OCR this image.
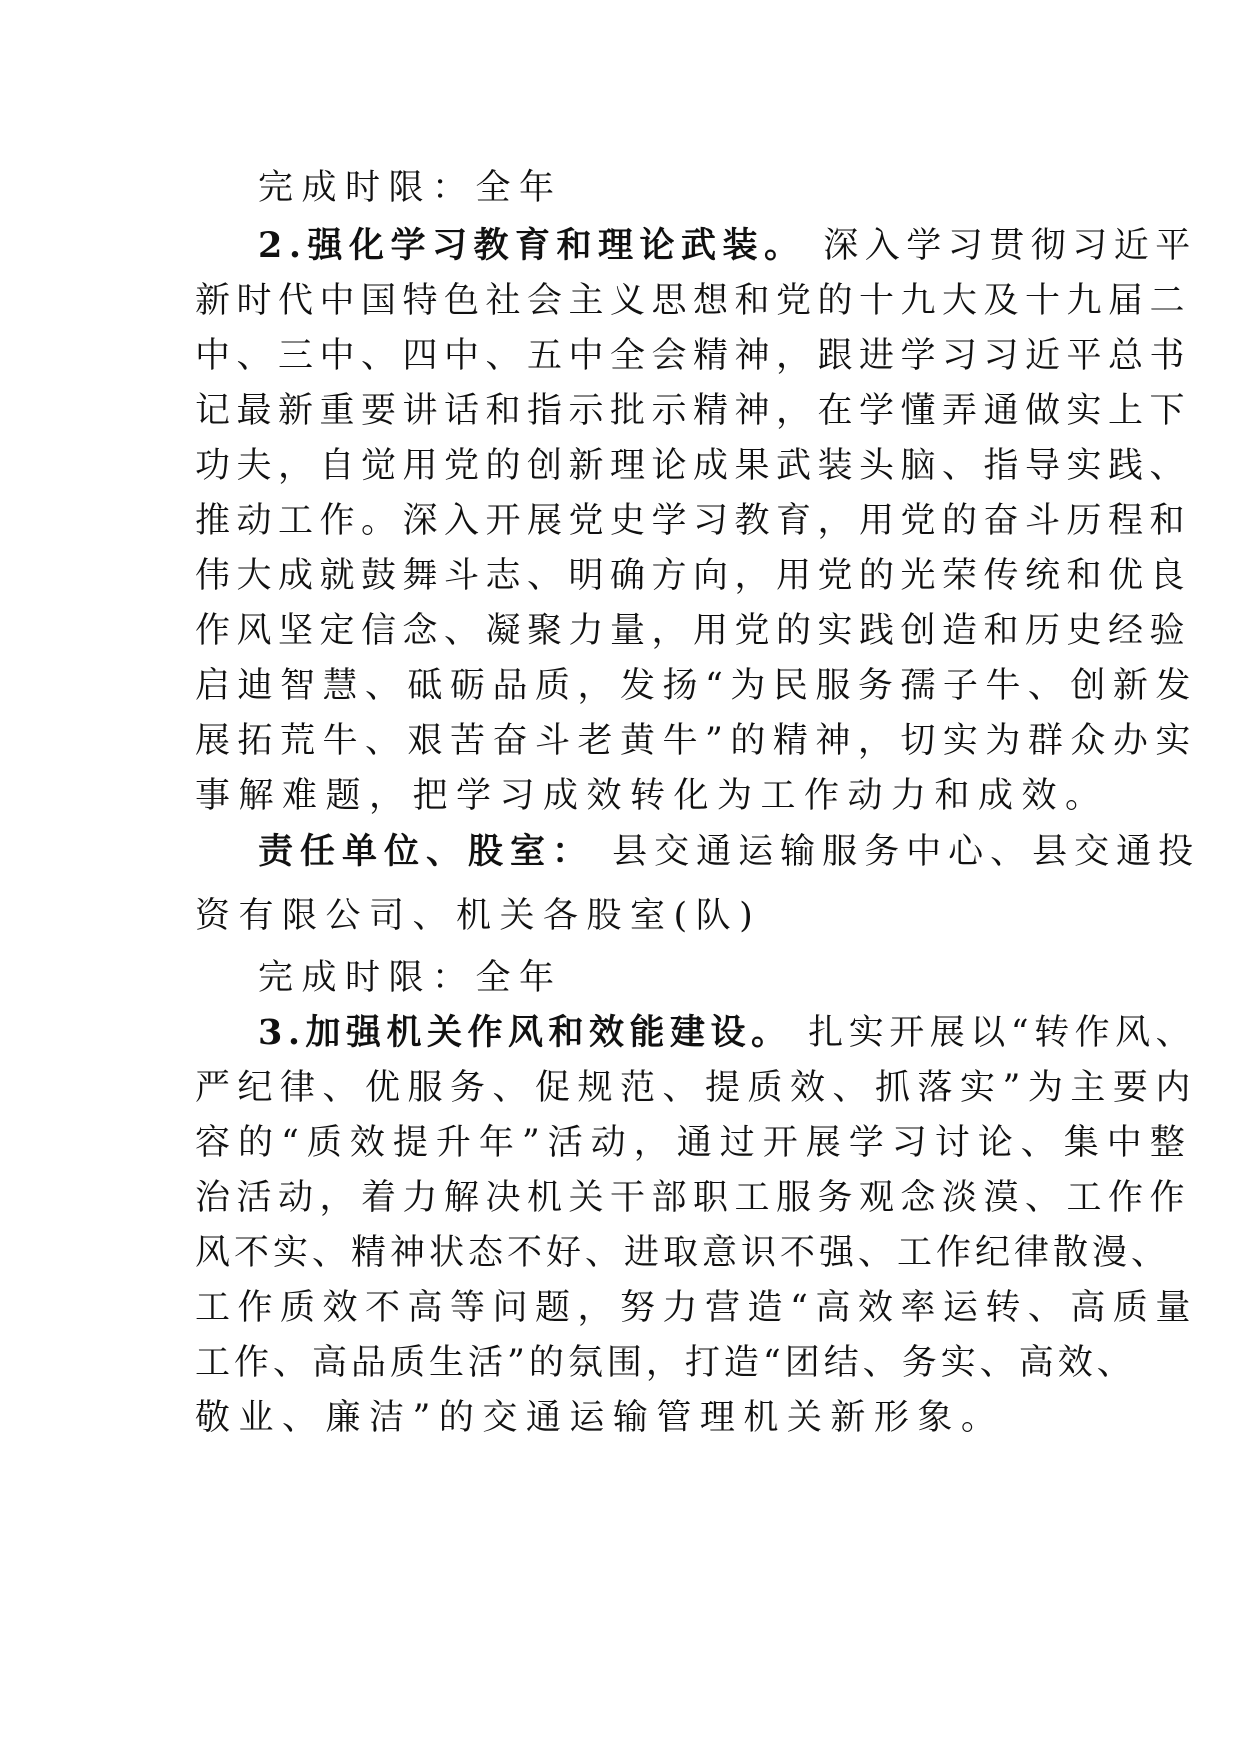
完成时限：全年
2.强化学习教育和理论武装。 深入学习贯彻习近平
新时代中国特色社会主义思想和党的十九大及十九届二
中、三中、四中、五中全会精神，跟进学习习近平总书
记最新重要讲话和指示批示精神，在学懂弄通做实上下
功夫，自觉用党的创新理论成果武装头脑、指导实践、
推动工作。深入开展党史学习教育，用党的奋斗历程和
伟大成就鼓舞斗志、明确方向，用党的光荣传统和优良
作风坚定信念、凝聚力量，用党的实践创造和历史经验
启迪智慧、砥砺品质，发扬“为民服务孺子牛、创新发
展拓荒牛、艰苦奋斗老黄牛”的精神，切实为群众办实
事解难题，把学习成效转化为工作动力和成效。
责任单位、股室： 县交通运输服务中心、县交通投
资有限公司、机关各股室(队)
完成时限：全年
3.加强机关作风和效能建设。 扎实开展以“转作风、
严纪律、优服务、促规范、提质效、抓落实”为主要内
容的“质效提升年”活动，通过开展学习讨论、集中整
治活动，着力解决机关干部职工服务观念淡漠、工作作
风不实、精神状态不好、进取意识不强、工作纪律散漫、
工作质效不高等问题，努力营造“高效率运转、高质量
工作、高品质生活”的氛围，打造“团结、务实、高效、
敬业、廉洁”的交通运输管理机关新形象。
